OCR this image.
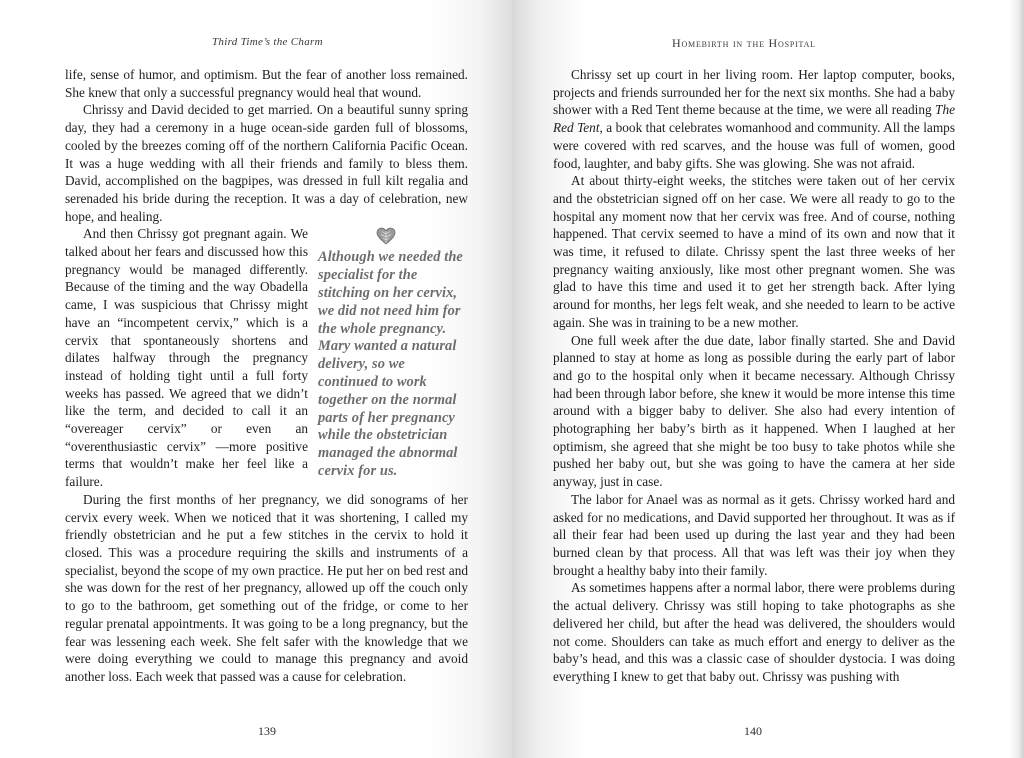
Third Time’s the Charm

life, sense of humor, and optimism. But the fear of another loss remained. She knew that only a successful pregnancy would heal that wound.

Chrissy and David decided to get married. On a beautiful sunny spring day, they had a ceremony in a huge ocean-side garden full of blossoms, cooled by the breezes coming off of the northern California Pacific Ocean. It was a huge wedding with all their friends and family to bless them. David, accomplished on the bagpipes, was dressed in full kilt regalia and serenaded his bride during the reception. It was a day of celebration, new hope, and healing.

Although we needed the specialist for the stitching on her cervix, we did not need him for the whole pregnancy. Mary wanted a natural delivery, so we continued to work together on the normal parts of her pregnancy while the obstetrician managed the abnormal cervix for us.

And then Chrissy got pregnant again. We talked about her fears and discussed how this pregnancy would be managed differently. Because of the timing and the way Obadella came, I was suspicious that Chrissy might have an “incompetent cervix,” which is a cervix that spontaneously shortens and dilates halfway through the pregnancy instead of holding tight until a full forty weeks has passed. We agreed that we didn’t like the term, and decided to call it an “overeager cervix” or even an “overenthusiastic cervix” —more positive terms that wouldn’t make her feel like a failure.

During the first months of her pregnancy, we did sonograms of her cervix every week. When we noticed that it was shortening, I called my friendly obstetrician and he put a few stitches in the cervix to hold it closed. This was a procedure requiring the skills and instruments of a specialist, beyond the scope of my own practice. He put her on bed rest and she was down for the rest of her pregnancy, allowed up off the couch only to go to the bathroom, get something out of the fridge, or come to her regular prenatal appointments. It was going to be a long pregnancy, but the fear was lessening each week. She felt safer with the knowledge that we were doing everything we could to manage this pregnancy and avoid another loss. Each week that passed was a cause for celebration.

139
Homebirth in the Hospital

Chrissy set up court in her living room. Her laptop computer, books, projects and friends surrounded her for the next six months. She had a baby shower with a Red Tent theme because at the time, we were all reading The Red Tent, a book that celebrates womanhood and community. All the lamps were covered with red scarves, and the house was full of women, good food, laughter, and baby gifts. She was glowing. She was not afraid.

At about thirty-eight weeks, the stitches were taken out of her cervix and the obstetrician signed off on her case. We were all ready to go to the hospital any moment now that her cervix was free. And of course, nothing happened. That cervix seemed to have a mind of its own and now that it was time, it refused to dilate. Chrissy spent the last three weeks of her pregnancy waiting anxiously, like most other pregnant women. She was glad to have this time and used it to get her strength back. After lying around for months, her legs felt weak, and she needed to learn to be active again. She was in training to be a new mother.

One full week after the due date, labor finally started. She and David planned to stay at home as long as possible during the early part of labor and go to the hospital only when it became necessary. Although Chrissy had been through labor before, she knew it would be more intense this time around with a bigger baby to deliver. She also had every intention of photographing her baby’s birth as it happened. When I laughed at her optimism, she agreed that she might be too busy to take photos while she pushed her baby out, but she was going to have the camera at her side anyway, just in case.

The labor for Anael was as normal as it gets. Chrissy worked hard and asked for no medications, and David supported her throughout. It was as if all their fear had been used up during the last year and they had been burned clean by that process. All that was left was their joy when they brought a healthy baby into their family.

As sometimes happens after a normal labor, there were problems during the actual delivery. Chrissy was still hoping to take photographs as she delivered her child, but after the head was delivered, the shoulders would not come. Shoulders can take as much effort and energy to deliver as the baby’s head, and this was a classic case of shoulder dystocia. I was doing everything I knew to get that baby out. Chrissy was pushing with

140
